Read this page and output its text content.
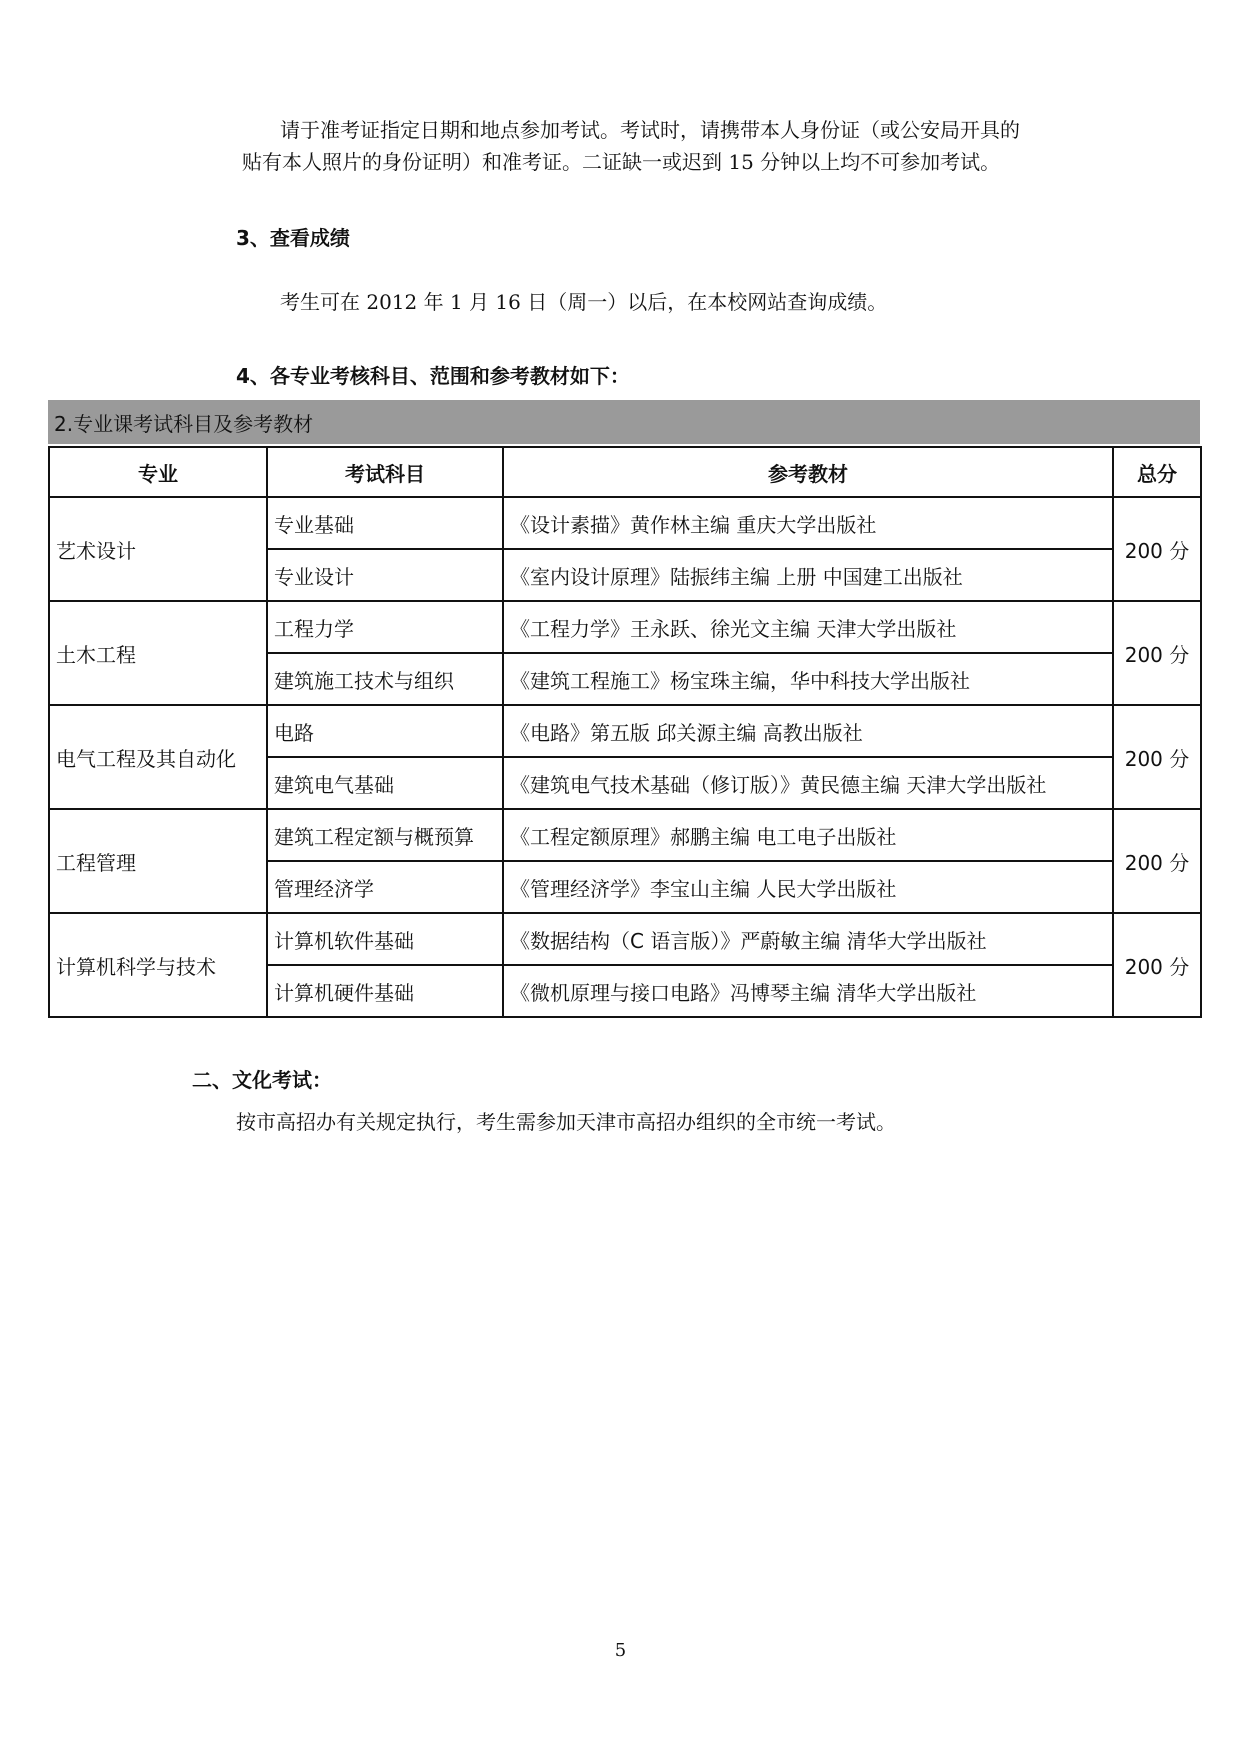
请于准考证指定日期和地点参加考试。考试时，请携带本人身份证（或公安局开具的
贴有本人照片的身份证明）和准考证。二证缺一或迟到 15 分钟以上均不可参加考试。
3、查看成绩
考生可在 2012 年 1 月 16 日（周一）以后，在本校网站查询成绩。
4、各专业考核科目、范围和参考教材如下：
2.专业课考试科目及参考教材
专业	考试科目	参考教材	总分
艺术设计	专业基础	《设计素描》黄作林主编 重庆大学出版社	200 分
	专业设计	《室内设计原理》陆振纬主编 上册 中国建工出版社	
土木工程	工程力学	《工程力学》王永跃、徐光文主编 天津大学出版社	200 分
	建筑施工技术与组织	《建筑工程施工》杨宝珠主编，华中科技大学出版社	
电气工程及其自动化	电路	《电路》第五版 邱关源主编 高教出版社	200 分
	建筑电气基础	《建筑电气技术基础（修订版）》黄民德主编 天津大学出版社	
工程管理	建筑工程定额与概预算	《工程定额原理》郝鹏主编 电工电子出版社	200 分
	管理经济学	《管理经济学》李宝山主编 人民大学出版社	
计算机科学与技术	计算机软件基础	《数据结构（C 语言版）》严蔚敏主编 清华大学出版社	200 分
	计算机硬件基础	《微机原理与接口电路》冯博琴主编 清华大学出版社	
二、文化考试：
按市高招办有关规定执行，考生需参加天津市高招办组织的全市统一考试。
5
